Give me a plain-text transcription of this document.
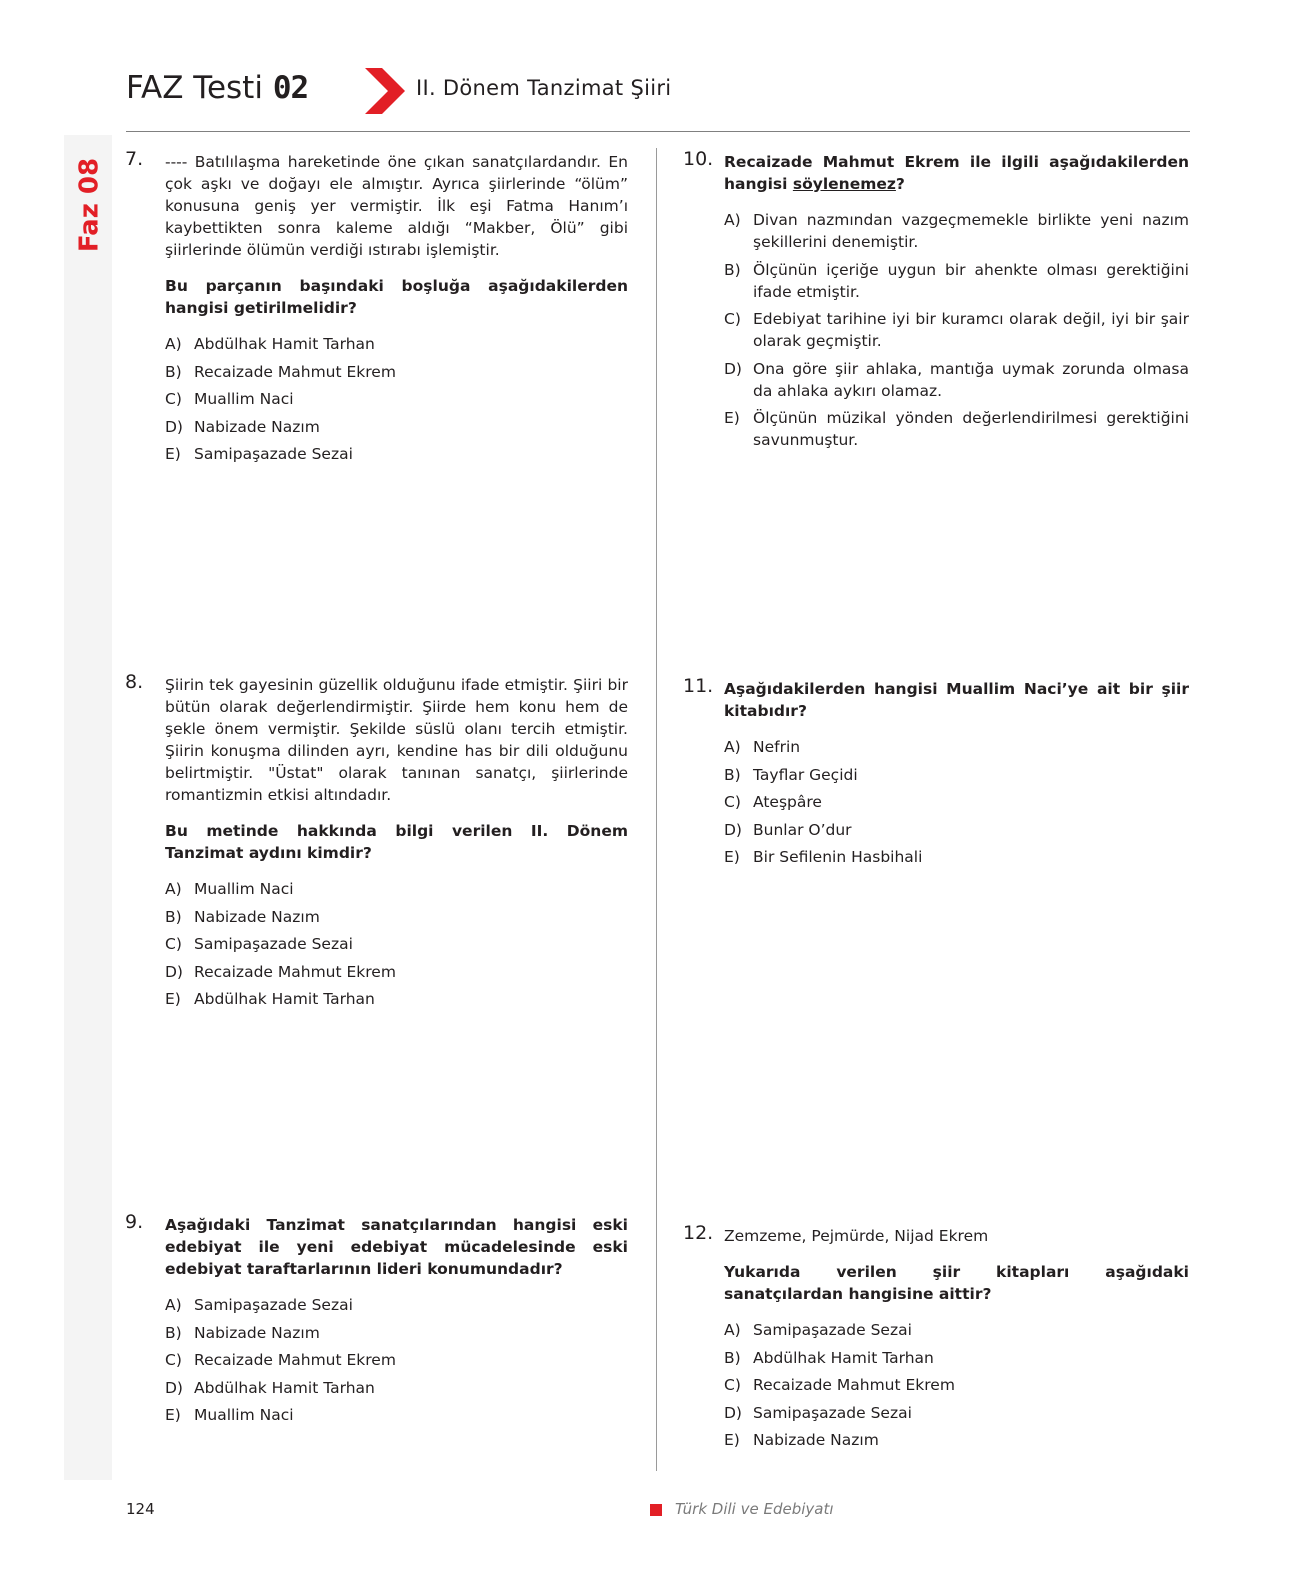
Faz 08
FAZ Testi 02	II. Dönem Tanzimat Şiiri
7. ---- Batılılaşma hareketinde öne çıkan sanatçılardandır. En çok aşkı ve doğayı ele almıştır. Ayrıca şiirlerinde “ölüm” konusuna geniş yer vermiştir. İlk eşi Fatma Hanım’ı kaybettikten sonra kaleme aldığı “Makber, Ölü” gibi şiirlerinde ölümün verdiği ıstırabı işlemiştir.
Bu parçanın başındaki boşluğa aşağıdakilerden hangisi getirilmelidir?
A) Abdülhak Hamit Tarhan
B) Recaizade Mahmut Ekrem
C) Muallim Naci
D) Nabizade Nazım
E) Samipaşazade Sezai
8. Şiirin tek gayesinin güzellik olduğunu ifade etmiştir. Şiiri bir bütün olarak değerlendirmiştir. Şiirde hem konu hem de şekle önem vermiştir. Şekilde süslü olanı tercih etmiştir. Şiirin konuşma dilinden ayrı, kendine has bir dili olduğunu belirtmiştir. "Üstat" olarak tanınan sanatçı, şiirlerinde romantizmin etkisi altındadır.
Bu metinde hakkında bilgi verilen II. Dönem Tanzimat aydını kimdir?
A) Muallim Naci
B) Nabizade Nazım
C) Samipaşazade Sezai
D) Recaizade Mahmut Ekrem
E) Abdülhak Hamit Tarhan
9. Aşağıdaki Tanzimat sanatçılarından hangisi eski edebiyat ile yeni edebiyat mücadelesinde eski edebiyat taraftarlarının lideri konumundadır?
A) Samipaşazade Sezai
B) Nabizade Nazım
C) Recaizade Mahmut Ekrem
D) Abdülhak Hamit Tarhan
E) Muallim Naci
10. Recaizade Mahmut Ekrem ile ilgili aşağıdakilerden hangisi söylenemez?
A) Divan nazmından vazgeçmemekle birlikte yeni nazım şekillerini denemiştir.
B) Ölçünün içeriğe uygun bir ahenkte olması gerektiğini ifade etmiştir.
C) Edebiyat tarihine iyi bir kuramcı olarak değil, iyi bir şair olarak geçmiştir.
D) Ona göre şiir ahlaka, mantığa uymak zorunda olmasa da ahlaka aykırı olamaz.
E) Ölçünün müzikal yönden değerlendirilmesi gerektiğini savunmuştur.
11. Aşağıdakilerden hangisi Muallim Naci’ye ait bir şiir kitabıdır?
A) Nefrin
B) Tayflar Geçidi
C) Ateşpâre
D) Bunlar O’dur
E) Bir Sefilenin Hasbihali
12. Zemzeme, Pejmürde, Nijad Ekrem
Yukarıda verilen şiir kitapları aşağıdaki sanatçılardan hangisine aittir?
A) Samipaşazade Sezai
B) Abdülhak Hamit Tarhan
C) Recaizade Mahmut Ekrem
D) Samipaşazade Sezai
E) Nabizade Nazım
124	Türk Dili ve Edebiyatı
